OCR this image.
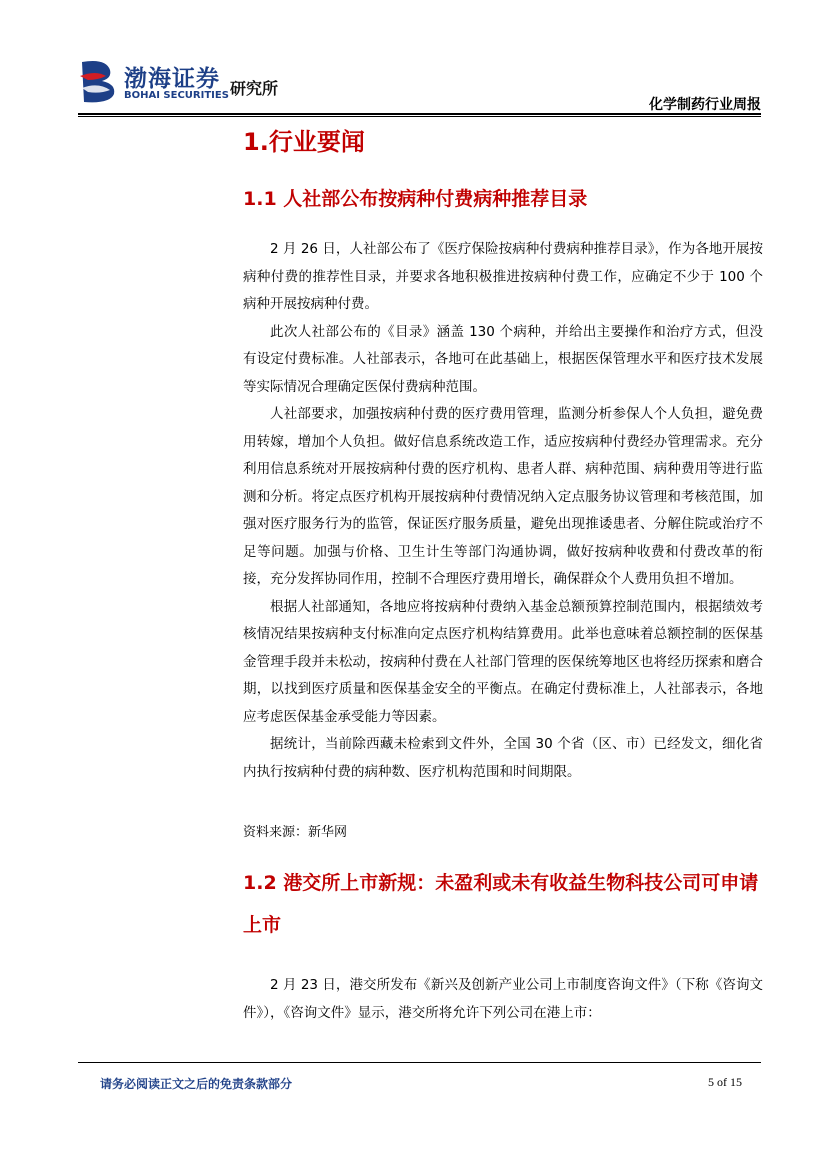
渤海证券
BOHAI SECURITIES 研究所
化学制药行业周报
1.行业要闻
1.1 人社部公布按病种付费病种推荐目录

2 月 26 日，人社部公布了《医疗保险按病种付费病种推荐目录》，作为各地开展按病种付费的推荐性目录，并要求各地积极推进按病种付费工作，应确定不少于 100 个病种开展按病种付费。

此次人社部公布的《目录》涵盖 130 个病种，并给出主要操作和治疗方式，但没有设定付费标准。人社部表示，各地可在此基础上，根据医保管理水平和医疗技术发展等实际情况合理确定医保付费病种范围。

人社部要求，加强按病种付费的医疗费用管理，监测分析参保人个人负担，避免费用转嫁，增加个人负担。做好信息系统改造工作，适应按病种付费经办管理需求。充分利用信息系统对开展按病种付费的医疗机构、患者人群、病种范围、病种费用等进行监测和分析。将定点医疗机构开展按病种付费情况纳入定点服务协议管理和考核范围，加强对医疗服务行为的监管，保证医疗服务质量，避免出现推诿患者、分解住院或治疗不足等问题。加强与价格、卫生计生等部门沟通协调，做好按病种收费和付费改革的衔接，充分发挥协同作用，控制不合理医疗费用增长，确保群众个人费用负担不增加。

根据人社部通知，各地应将按病种付费纳入基金总额预算控制范围内，根据绩效考核情况结果按病种支付标准向定点医疗机构结算费用。此举也意味着总额控制的医保基金管理手段并未松动，按病种付费在人社部门管理的医保统筹地区也将经历探索和磨合期，以找到医疗质量和医保基金安全的平衡点。在确定付费标准上，人社部表示，各地应考虑医保基金承受能力等因素。

据统计，当前除西藏未检索到文件外，全国 30 个省（区、市）已经发文，细化省内执行按病种付费的病种数、医疗机构范围和时间期限。

资料来源：新华网
1.2 港交所上市新规：未盈利或未有收益生物科技公司可申请上市

2 月 23 日，港交所发布《新兴及创新产业公司上市制度咨询文件》（下称《咨询文件》），《咨询文件》显示，港交所将允许下列公司在港上市：

请务必阅读正文之后的免责条款部分	5 of 15
